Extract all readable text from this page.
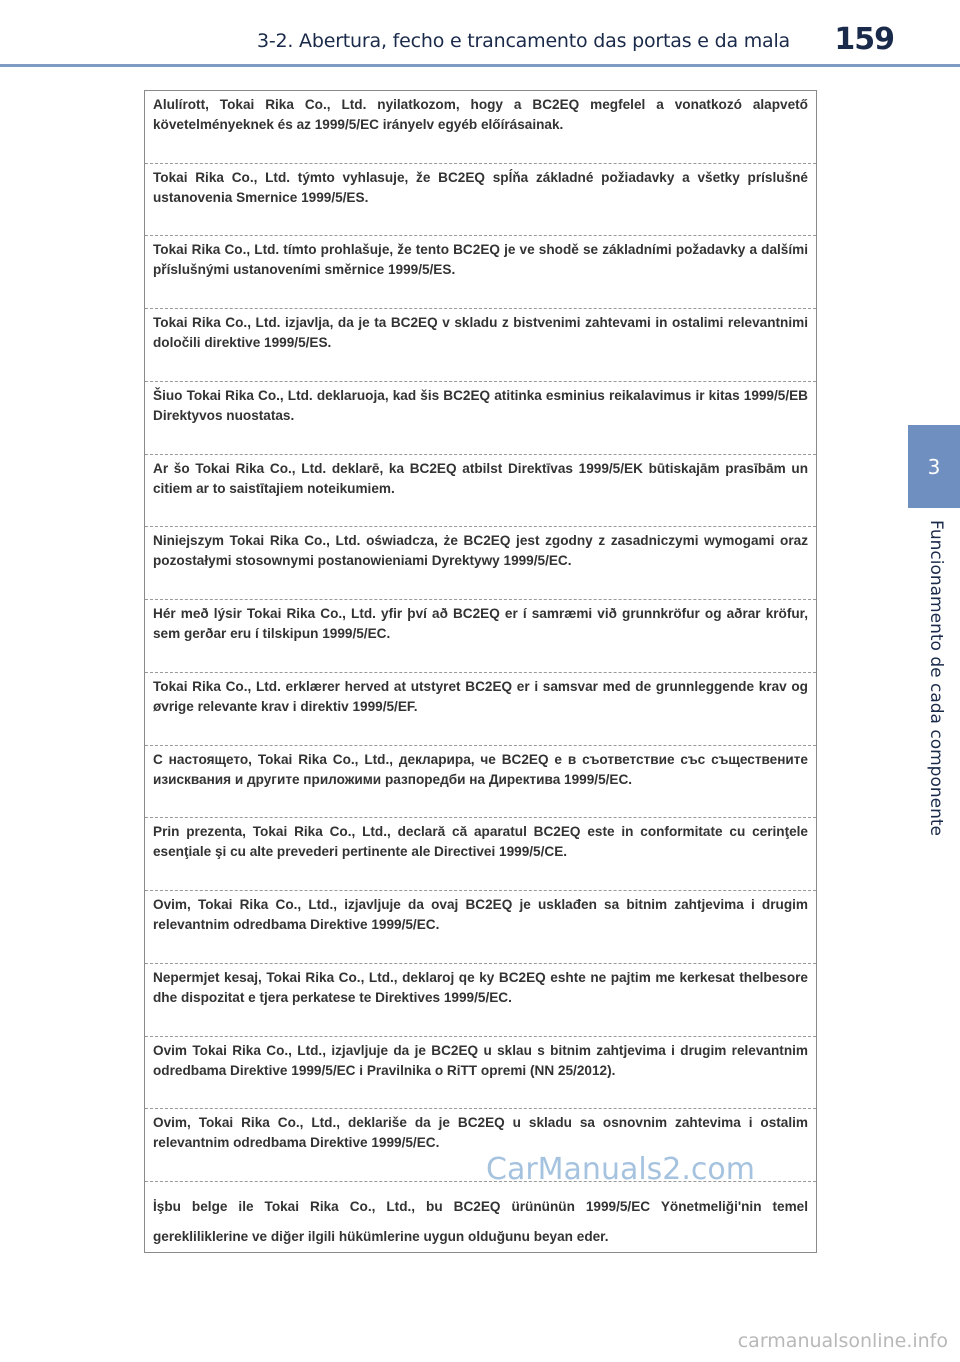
3-2. Abertura, fecho e trancamento das portas e da mala 159
3
Funcionamento de cada componente
Alulírott, Tokai Rika Co., Ltd. nyilatkozom, hogy a BC2EQ megfelel a vonatkozó alapvető követelményeknek és az 1999/5/EC irányelv egyéb előírásainak.
Tokai Rika Co., Ltd. týmto vyhlasuje, že BC2EQ spĺňa základné požiadavky a všetky príslušné ustanovenia Smernice 1999/5/ES.
Tokai Rika Co., Ltd. tímto prohlašuje, že tento BC2EQ je ve shodě se základními požadavky a dalšími příslušnými ustanoveními směrnice 1999/5/ES.
Tokai Rika Co., Ltd. izjavlja, da je ta BC2EQ v skladu z bistvenimi zahtevami in ostalimi relevantnimi določili direktive 1999/5/ES.
Šiuo Tokai Rika Co., Ltd. deklaruoja, kad šis BC2EQ atitinka esminius reikalavimus ir kitas 1999/5/EB Direktyvos nuostatas.
Ar šo Tokai Rika Co., Ltd. deklarē, ka BC2EQ atbilst Direktīvas 1999/5/EK būtiskajām prasībām un citiem ar to saistītajiem noteikumiem.
Niniejszym Tokai Rika Co., Ltd. oświadcza, że BC2EQ jest zgodny z zasadniczymi wymogami oraz pozostałymi stosownymi postanowieniami Dyrektywy 1999/5/EC.
Hér með lýsir Tokai Rika Co., Ltd. yfir því að BC2EQ er í samræmi við grunnkröfur og aðrar kröfur, sem gerðar eru í tilskipun 1999/5/EC.
Tokai Rika Co., Ltd. erklærer herved at utstyret BC2EQ er i samsvar med de grunnleggende krav og øvrige relevante krav i direktiv 1999/5/EF.
С настоящето, Tokai Rika Co., Ltd., декларира, че BC2EQ е в съответствие със съществените изисквания и другите приложими разпоредби на Директива 1999/5/EC.
Prin prezenta, Tokai Rika Co., Ltd., declară că aparatul BC2EQ este in conformitate cu cerinţele esenţiale şi cu alte prevederi pertinente ale Directivei 1999/5/CE.
Ovim, Tokai Rika Co., Ltd., izjavljuje da ovaj BC2EQ je usklađen sa bitnim zahtjevima i drugim relevantnim odredbama Direktive 1999/5/EC.
Nepermjet kesaj, Tokai Rika Co., Ltd., deklaroj qe ky BC2EQ eshte ne pajtim me kerkesat thelbesore dhe dispozitat e tjera perkatese te Direktives 1999/5/EC.
Ovim Tokai Rika Co., Ltd., izjavljuje da je BC2EQ u sklau s bitnim zahtjevima i drugim relevantnim odredbama Direktive 1999/5/EC i Pravilnika o RiTT opremi (NN 25/2012).
Ovim, Tokai Rika Co., Ltd., deklariše da je BC2EQ u skladu sa osnovnim zahtevima i ostalim relevantnim odredbama Direktive 1999/5/EC.
İşbu belge ile Tokai Rika Co., Ltd., bu BC2EQ ürününün 1999/5/EC Yönetmeliği'nin temel gerekliliklerine ve diğer ilgili hükümlerine uygun olduğunu beyan eder.
CarManuals2.com
carmanualsonline.info
